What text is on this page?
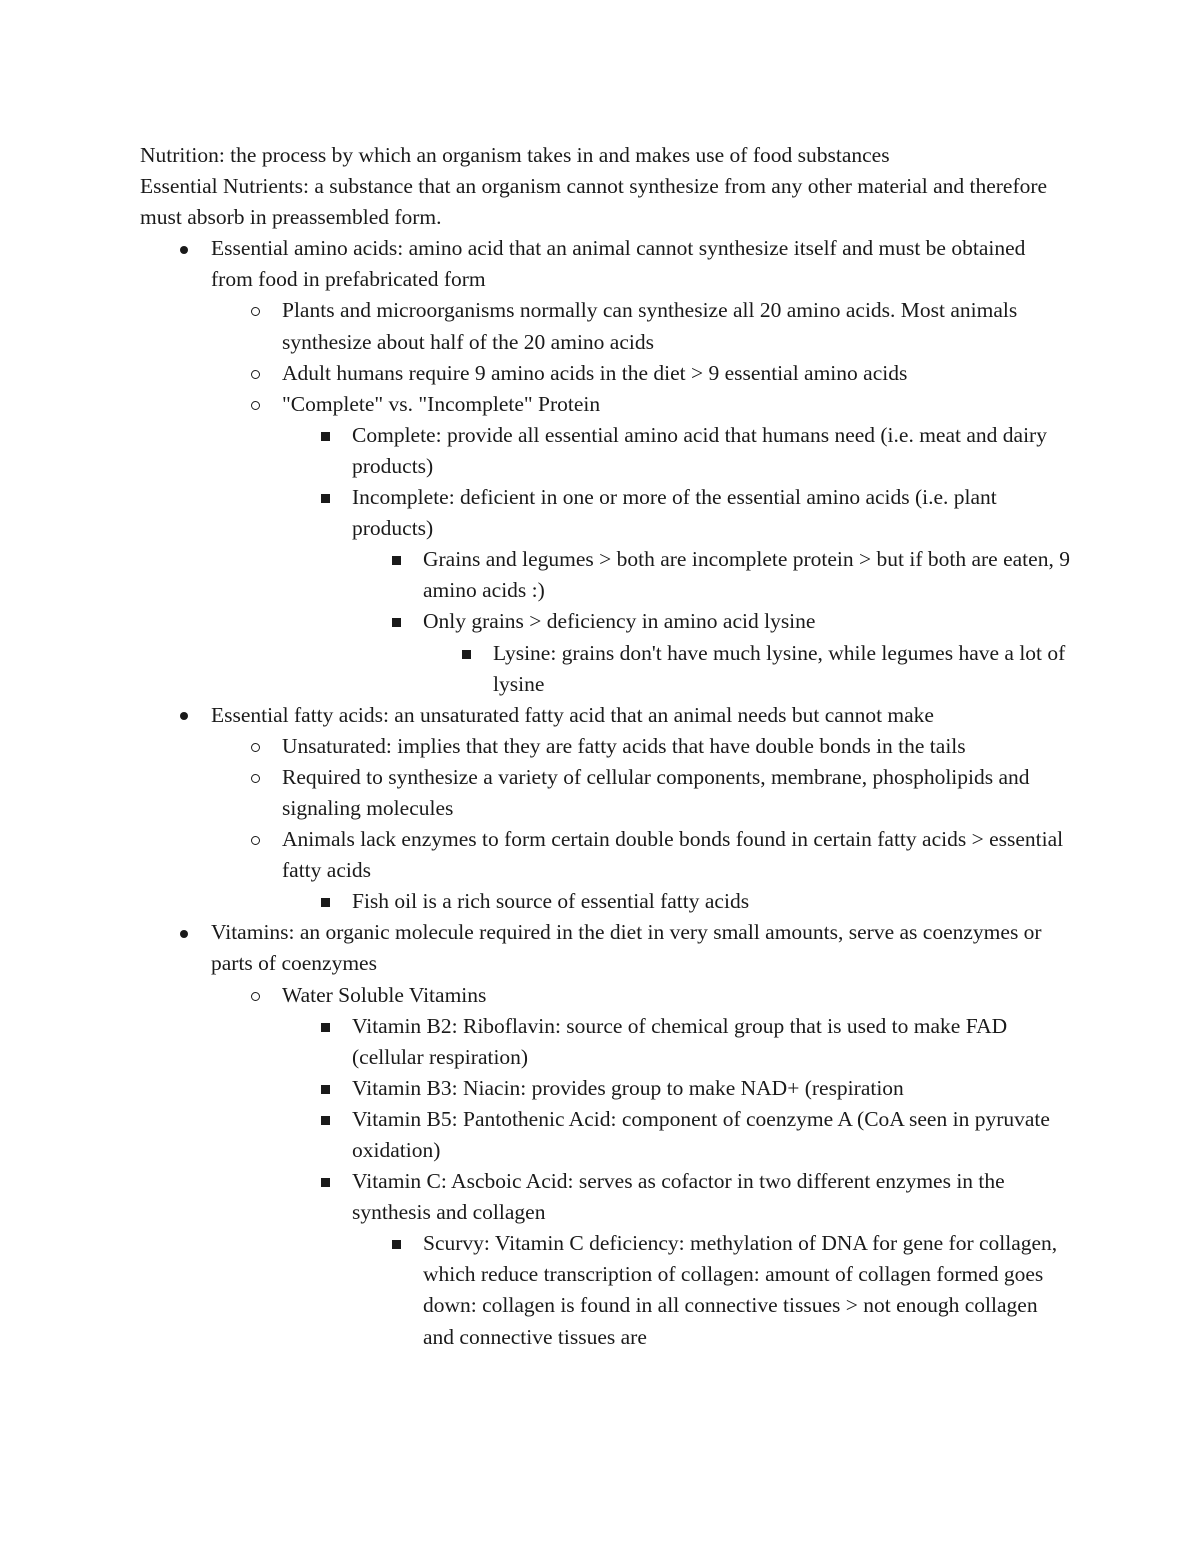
Nutrition: the process by which an organism takes in and makes use of food substances

Essential Nutrients: a substance that an organism cannot synthesize from any other material and therefore must absorb in preassembled form.

Essential amino acids: amino acid that an animal cannot synthesize itself and must be obtained from food in prefabricated form
Plants and microorganisms normally can synthesize all 20 amino acids. Most animals synthesize about half of the 20 amino acids
Adult humans require 9 amino acids in the diet > 9 essential amino acids
"Complete" vs. "Incomplete" Protein
Complete: provide all essential amino acid that humans need (i.e. meat and dairy products)
Incomplete: deficient in one or more of the essential amino acids (i.e. plant products)
Grains and legumes > both are incomplete protein > but if both are eaten, 9 amino acids :)
Only grains > deficiency in amino acid lysine
Lysine: grains don't have much lysine, while legumes have a lot of lysine
Essential fatty acids: an unsaturated fatty acid that an animal needs but cannot make
Unsaturated: implies that they are fatty acids that have double bonds in the tails
Required to synthesize a variety of cellular components, membrane, phospholipids and signaling molecules
Animals lack enzymes to form certain double bonds found in certain fatty acids > essential fatty acids
Fish oil is a rich source of essential fatty acids
Vitamins: an organic molecule required in the diet in very small amounts, serve as coenzymes or parts of coenzymes
Water Soluble Vitamins
Vitamin B2: Riboflavin: source of chemical group that is used to make FAD (cellular respiration)
Vitamin B3: Niacin: provides group to make NAD+ (respiration
Vitamin B5: Pantothenic Acid: component of coenzyme A (CoA seen in pyruvate oxidation)
Vitamin C: Ascboic Acid: serves as cofactor in two different enzymes in the synthesis and collagen
Scurvy: Vitamin C deficiency: methylation of DNA for gene for collagen, which reduce transcription of collagen: amount of collagen formed goes down: collagen is found in all connective tissues > not enough collagen and connective tissues are
